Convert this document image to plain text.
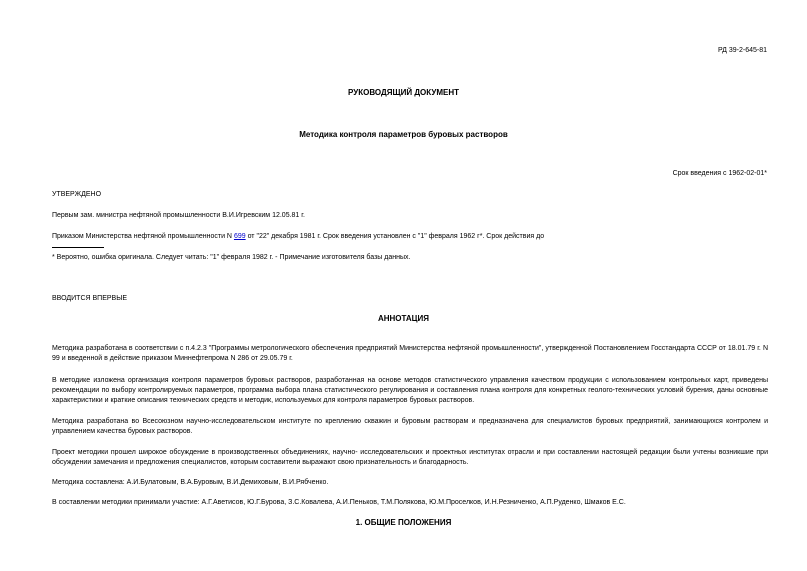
РД 39-2-645-81
РУКОВОДЯЩИЙ ДОКУМЕНТ
Методика контроля параметров буровых растворов
Срок введения с 1962-02-01*
УТВЕРЖДЕНО
Первым зам. министра нефтяной промышленности В.И.Игревским 12.05.81 г.
Приказом Министерства нефтяной промышленности N 699 от "22" декабря 1981 г. Срок введения установлен с "1" февраля 1962 г*. Срок действия до
* Вероятно, ошибка оригинала. Следует читать: "1" февраля 1982 г. - Примечание изготовителя базы данных.
ВВОДИТСЯ ВПЕРВЫЕ
АННОТАЦИЯ
Методика разработана в соответствии с п.4.2.3 "Программы метрологического обеспечения предприятий Министерства нефтяной промышленности", утвержденной Постановлением Госстандарта СССР от 18.01.79 г. N 99 и введенной в действие приказом Миннефтепрома N 286 от 29.05.79 г.
В методике изложена организация контроля параметров буровых растворов, разработанная на основе методов статистического управления качеством продукции с использованием контрольных карт, приведены рекомендации по выбору контролируемых параметров, программа выбора плана статистического регулирования и составления плана контроля для конкретных геолого-технических условий бурения, даны основные характеристики и краткие описания технических средств и методик, используемых для контроля параметров буровых растворов.
Методика разработана во Всесоюзном научно-исследовательском институте по креплению скважин и буровым растворам и предназначена для специалистов буровых предприятий, занимающихся контролем и управлением качества буровых растворов.
Проект методики прошел широкое обсуждение в производственных объединениях, научно- исследовательских и проектных институтах отрасли и при составлении настоящей редакции были учтены возникшие при обсуждении замечания и предложения специалистов, которым составители выражают свою признательность и благодарность.
Методика составлена: А.И.Булатовым, В.А.Буровым, В.И.Демиховым, В.И.Рябченко.
В составлении методики принимали участие: А.Г.Аветисов, Ю.Г.Бурова, З.С.Ковалева, А.И.Пеньков, Т.М.Полякова, Ю.М.Проселков, И.Н.Резниченко, А.П.Руденко, Шмаков Е.С.
1. ОБЩИЕ ПОЛОЖЕНИЯ
